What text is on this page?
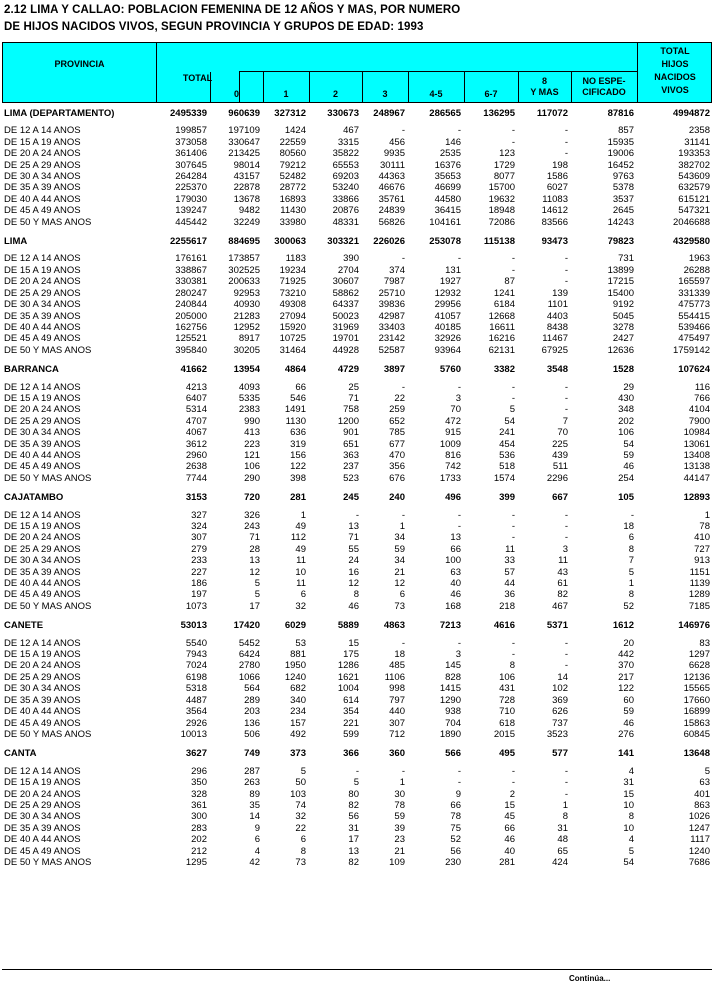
2.12 LIMA Y CALLAO: POBLACION FEMENINA DE 12 AÑOS Y MAS, POR NUMERO
DE HIJOS NACIDOS VIVOS, SEGUN PROVINCIA Y GRUPOS DE EDAD: 1993
PROVINCIA
TOTAL
0	1	2	3	4-5	6-7
8
Y MAS
NO ESPE-
CIFICADO
TOTAL
HIJOS
NACIDOS
VIVOS
LIMA (DEPARTAMENTO)	2495339	960639	327312	330673	248967	286565	136295	117072	87816	4994872

DE 12 A 14 ANOS	199857	197109	1424	467	-	-	-	-	857	2358
DE 15 A 19 ANOS	373058	330647	22559	3315	456	146	-	-	15935	31141
DE 20 A 24 ANOS	361406	213425	80560	35822	9935	2535	123	-	19006	193353
DE 25 A 29 ANOS	307645	98014	79212	65553	30111	16376	1729	198	16452	382702
DE 30 A 34 ANOS	264284	43157	52482	69203	44363	35653	8077	1586	9763	543609
DE 35 A 39 ANOS	225370	22878	28772	53240	46676	46699	15700	6027	5378	632579
DE 40 A 44 ANOS	179030	13678	16893	33866	35761	44580	19632	11083	3537	615121
DE 45 A 49 ANOS	139247	9482	11430	20876	24839	36415	18948	14612	2645	547321
DE 50 Y MAS ANOS	445442	32249	33980	48331	56826	104161	72086	83566	14243	2046688

LIMA	2255617	884695	300063	303321	226026	253078	115138	93473	79823	4329580

DE 12 A 14 ANOS	176161	173857	1183	390	-	-	-	-	731	1963
DE 15 A 19 ANOS	338867	302525	19234	2704	374	131	-	-	13899	26288
DE 20 A 24 ANOS	330381	200633	71925	30607	7987	1927	87	-	17215	165597
DE 25 A 29 ANOS	280247	92953	73210	58862	25710	12932	1241	139	15400	331339
DE 30 A 34 ANOS	240844	40930	49308	64337	39836	29956	6184	1101	9192	475773
DE 35 A 39 ANOS	205000	21283	27094	50023	42987	41057	12668	4403	5045	554415
DE 40 A 44 ANOS	162756	12952	15920	31969	33403	40185	16611	8438	3278	539466
DE 45 A 49 ANOS	125521	8917	10725	19701	23142	32926	16216	11467	2427	475497
DE 50 Y MAS ANOS	395840	30205	31464	44928	52587	93964	62131	67925	12636	1759142

BARRANCA	41662	13954	4864	4729	3897	5760	3382	3548	1528	107624

DE 12 A 14 ANOS	4213	4093	66	25	-	-	-	-	29	116
DE 15 A 19 ANOS	6407	5335	546	71	22	3	-	-	430	766
DE 20 A 24 ANOS	5314	2383	1491	758	259	70	5	-	348	4104
DE 25 A 29 ANOS	4707	990	1130	1200	652	472	54	7	202	7900
DE 30 A 34 ANOS	4067	413	636	901	785	915	241	70	106	10984
DE 35 A 39 ANOS	3612	223	319	651	677	1009	454	225	54	13061
DE 40 A 44 ANOS	2960	121	156	363	470	816	536	439	59	13408
DE 45 A 49 ANOS	2638	106	122	237	356	742	518	511	46	13138
DE 50 Y MAS ANOS	7744	290	398	523	676	1733	1574	2296	254	44147

CAJATAMBO	3153	720	281	245	240	496	399	667	105	12893

DE 12 A 14 ANOS	327	326	1	-	-	-	-	-	-	1
DE 15 A 19 ANOS	324	243	49	13	1	-	-	-	18	78
DE 20 A 24 ANOS	307	71	112	71	34	13	-	-	6	410
DE 25 A 29 ANOS	279	28	49	55	59	66	11	3	8	727
DE 30 A 34 ANOS	233	13	11	24	34	100	33	11	7	913
DE 35 A 39 ANOS	227	12	10	16	21	63	57	43	5	1151
DE 40 A 44 ANOS	186	5	11	12	12	40	44	61	1	1139
DE 45 A 49 ANOS	197	5	6	8	6	46	36	82	8	1289
DE 50 Y MAS ANOS	1073	17	32	46	73	168	218	467	52	7185

CANETE	53013	17420	6029	5889	4863	7213	4616	5371	1612	146976

DE 12 A 14 ANOS	5540	5452	53	15	-	-	-	-	20	83
DE 15 A 19 ANOS	7943	6424	881	175	18	3	-	-	442	1297
DE 20 A 24 ANOS	7024	2780	1950	1286	485	145	8	-	370	6628
DE 25 A 29 ANOS	6198	1066	1240	1621	1106	828	106	14	217	12136
DE 30 A 34 ANOS	5318	564	682	1004	998	1415	431	102	122	15565
DE 35 A 39 ANOS	4487	289	340	614	797	1290	728	369	60	17660
DE 40 A 44 ANOS	3564	203	234	354	440	938	710	626	59	16899
DE 45 A 49 ANOS	2926	136	157	221	307	704	618	737	46	15863
DE 50 Y MAS ANOS	10013	506	492	599	712	1890	2015	3523	276	60845

CANTA	3627	749	373	366	360	566	495	577	141	13648

DE 12 A 14 ANOS	296	287	5	-	-	-	-	-	4	5
DE 15 A 19 ANOS	350	263	50	5	1	-	-	-	31	63
DE 20 A 24 ANOS	328	89	103	80	30	9	2	-	15	401
DE 25 A 29 ANOS	361	35	74	82	78	66	15	1	10	863
DE 30 A 34 ANOS	300	14	32	56	59	78	45	8	8	1026
DE 35 A 39 ANOS	283	9	22	31	39	75	66	31	10	1247
DE 40 A 44 ANOS	202	6	6	17	23	52	46	48	4	1117
DE 45 A 49 ANOS	212	4	8	13	21	56	40	65	5	1240
DE 50 Y MAS ANOS	1295	42	73	82	109	230	281	424	54	7686
Continúa...
